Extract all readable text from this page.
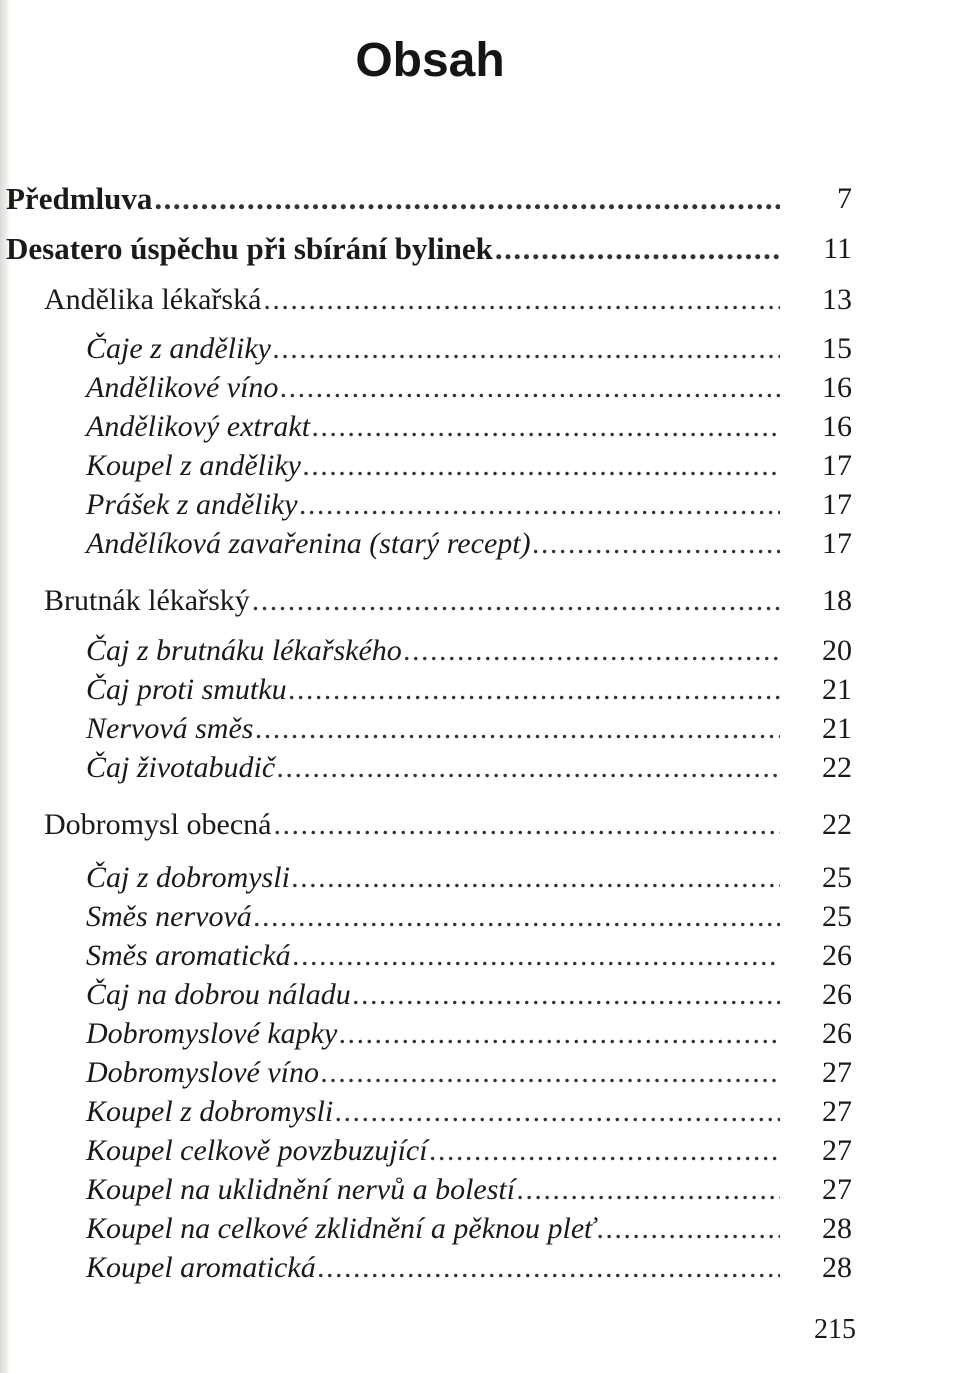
Obsah
Předmluva .....	7
Desatero úspěchu při sbírání bylinek .....	11
Andělika lékařská .....	13
Čaje z anděliky .....	15
Andělikové víno .....	16
Andělikový extrakt .....	16
Koupel z anděliky .....	17
Prášek z anděliky .....	17
Andělíková zavařenina (starý recept) .....	17
Brutnák lékařský .....	18
Čaj z brutnáku lékařského .....	20
Čaj proti smutku .....	21
Nervová směs .....	21
Čaj životabudič .....	22
Dobromysl obecná .....	22
Čaj z dobromysli .....	25
Směs nervová .....	25
Směs aromatická .....	26
Čaj na dobrou náladu .....	26
Dobromyslové kapky .....	26
Dobromyslové víno .....	27
Koupel z dobromysli .....	27
Koupel celkově povzbuzující .....	27
Koupel na uklidnění nervů a bolestí .....	27
Koupel na celkové zklidnění a pěknou pleť .....	28
Koupel aromatická .....	28
215
